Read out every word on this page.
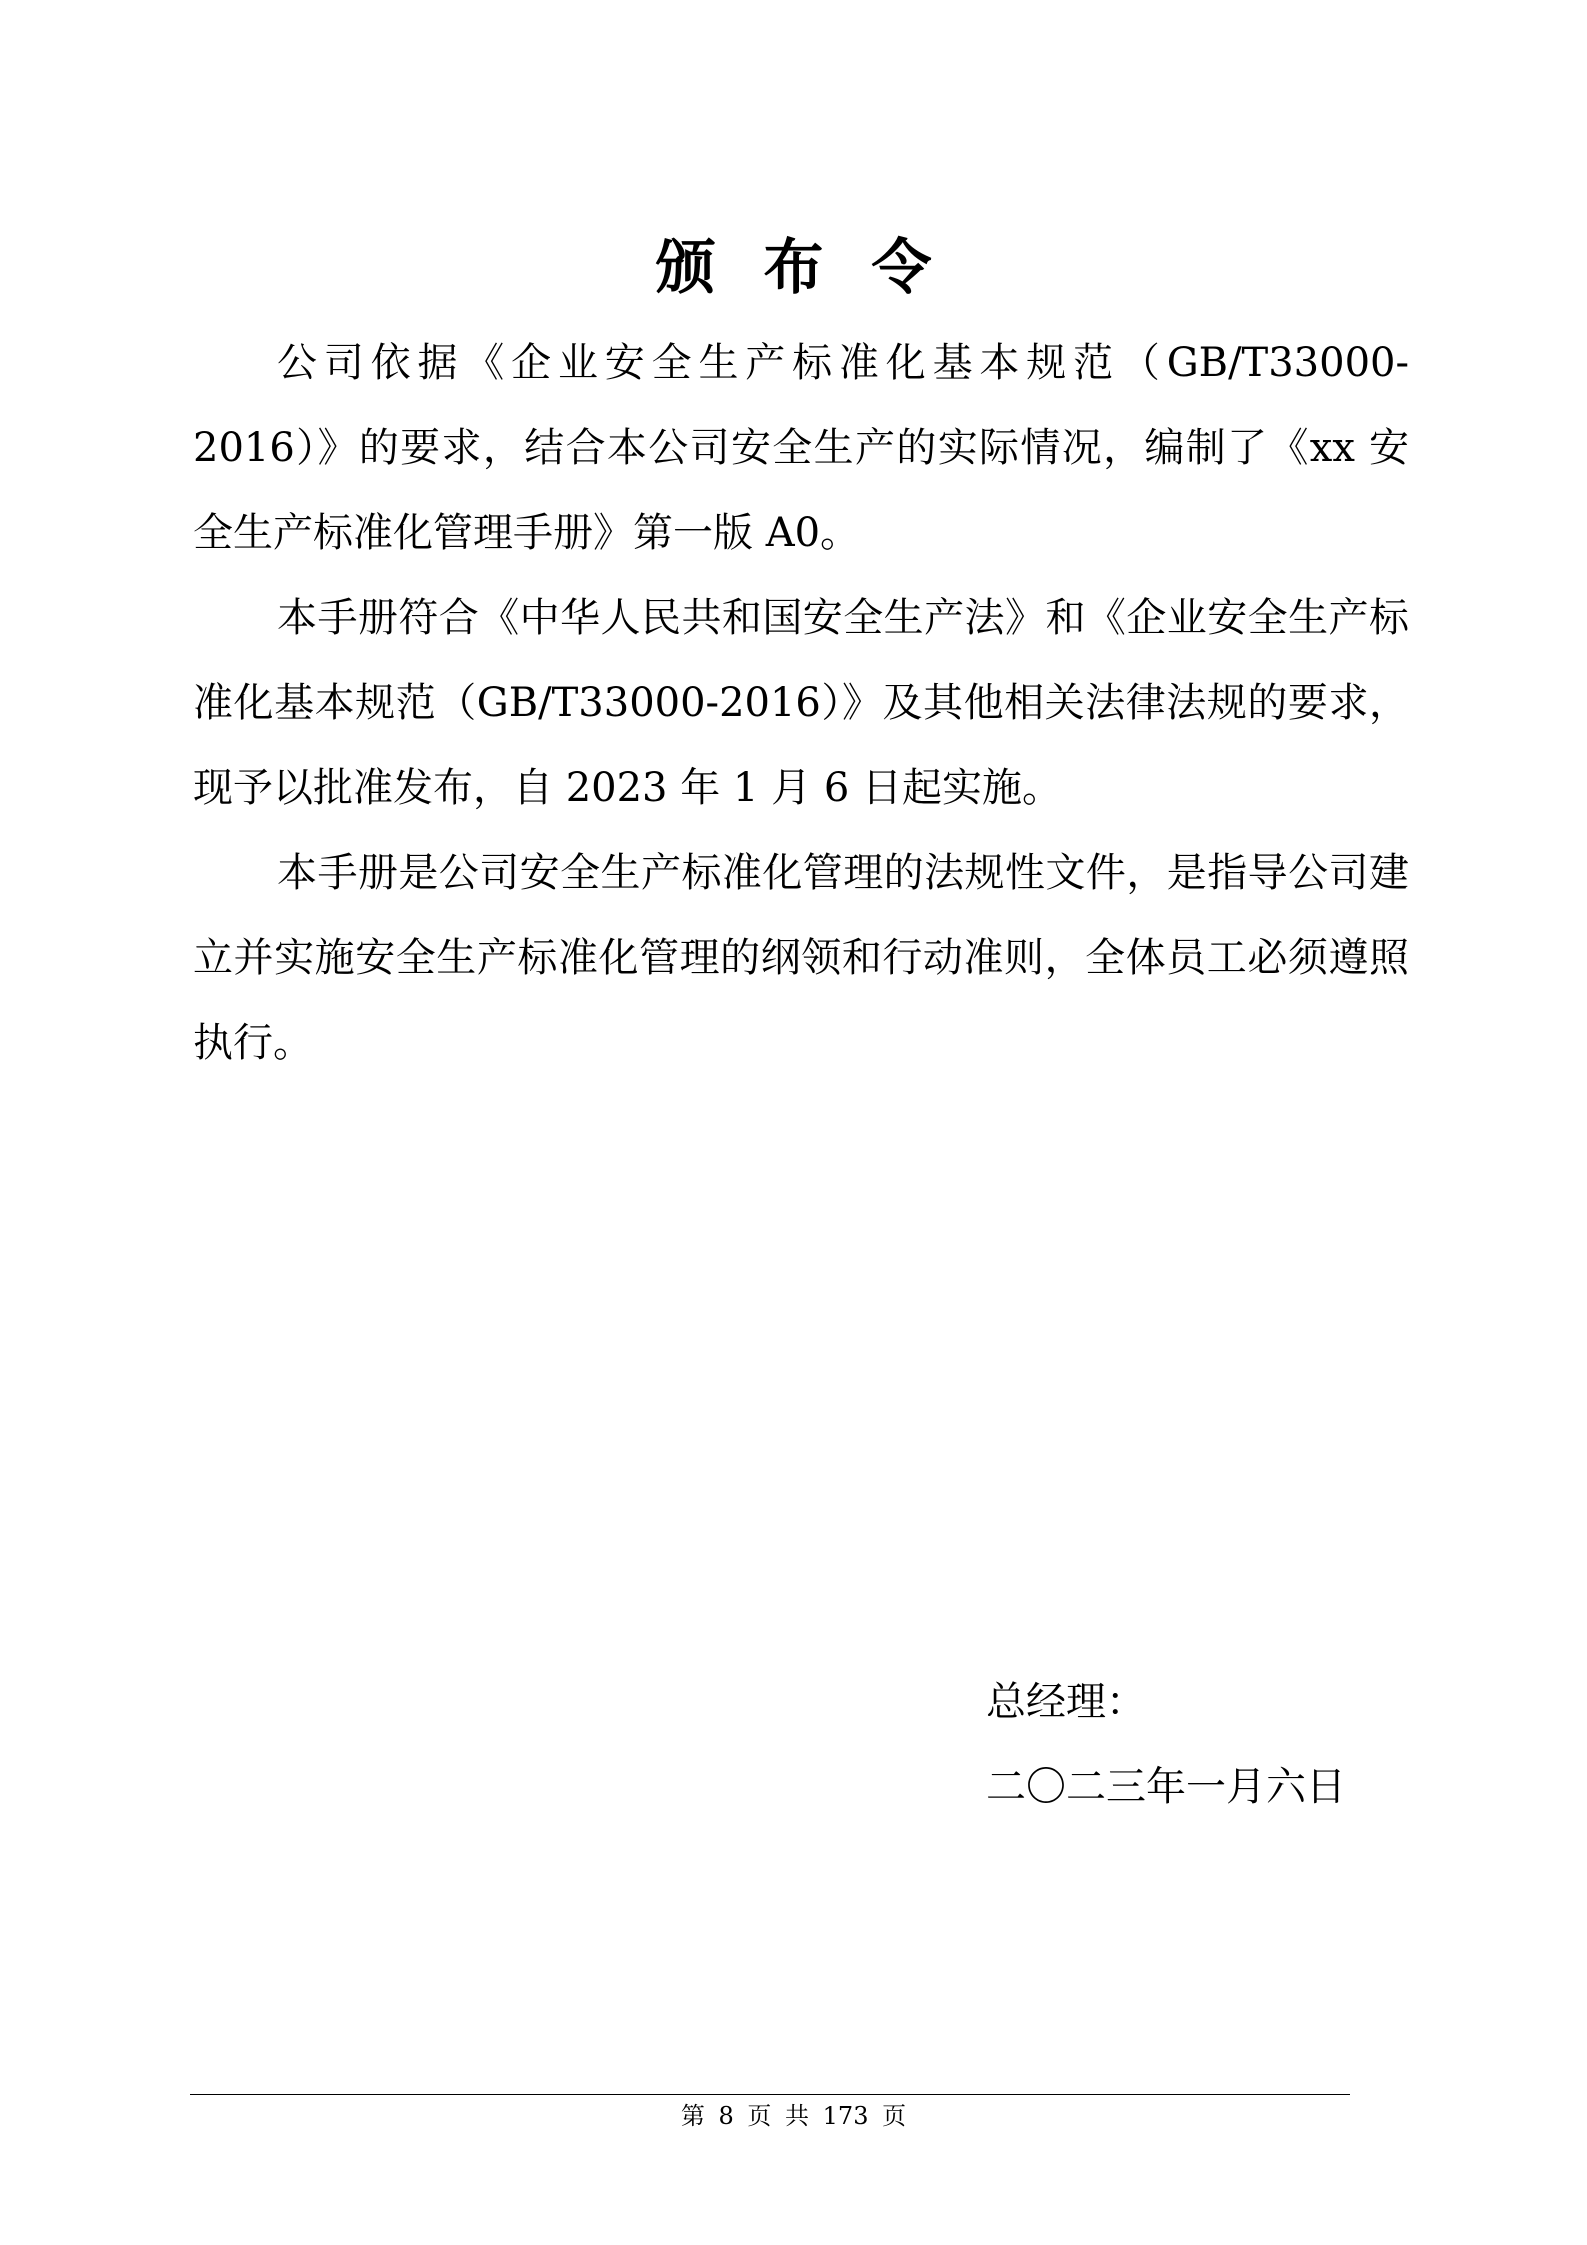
颁布令

公司依据《企业安全生产标准化基本规范（GB/T33000-2016）》的要求，结合本公司安全生产的实际情况，编制了《xx 安全生产标准化管理手册》第一版 A0。

本手册符合《中华人民共和国安全生产法》和《企业安全生产标准化基本规范（GB/T33000-2016）》及其他相关法律法规的要求，现予以批准发布，自 2023 年 1 月 6 日起实施。

本手册是公司安全生产标准化管理的法规性文件，是指导公司建立并实施安全生产标准化管理的纲领和行动准则，全体员工必须遵照执行。

总经理：
二〇二三年一月六日
第 8 页 共 173 页
